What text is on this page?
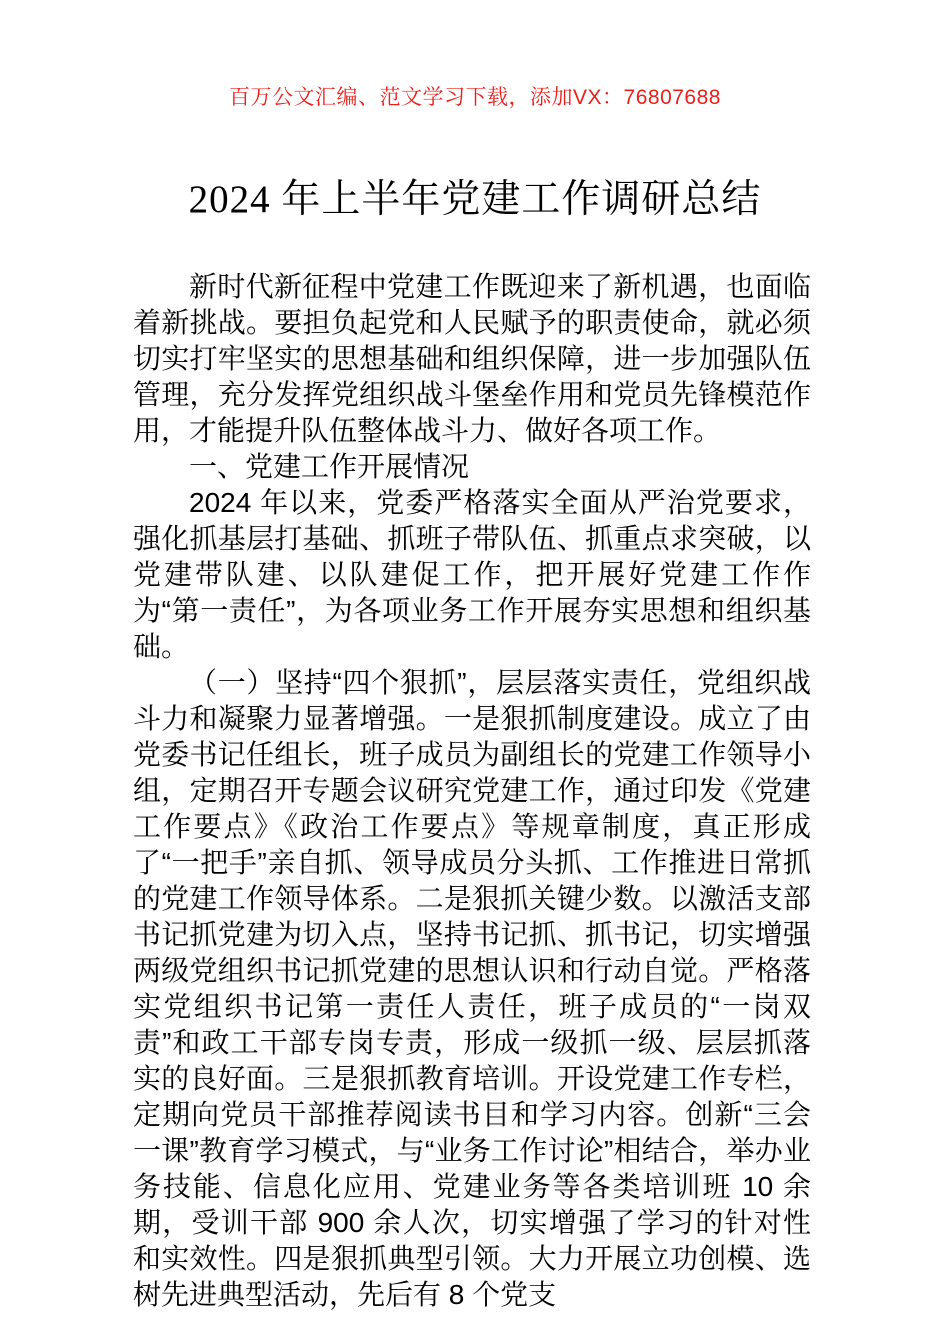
百万公文汇编、范文学习下载，添加VX：76807688
2024 年上半年党建工作调研总结

新时代新征程中党建工作既迎来了新机遇，也面临着新挑战。要担负起党和人民赋予的职责使命，就必须切实打牢坚实的思想基础和组织保障，进一步加强队伍管理，充分发挥党组织战斗堡垒作用和党员先锋模范作用，才能提升队伍整体战斗力、做好各项工作。

一、党建工作开展情况

2024 年以来，党委严格落实全面从严治党要求，强化抓基层打基础、抓班子带队伍、抓重点求突破，以党建带队建、以队建促工作，把开展好党建工作作为“第一责任”，为各项业务工作开展夯实思想和组织基础。

（一）坚持“四个狠抓”，层层落实责任，党组织战斗力和凝聚力显著增强。一是狠抓制度建设。成立了由党委书记任组长，班子成员为副组长的党建工作领导小组，定期召开专题会议研究党建工作，通过印发《党建工作要点》《政治工作要点》等规章制度，真正形成了“一把手”亲自抓、领导成员分头抓、工作推进日常抓的党建工作领导体系。二是狠抓关键少数。以激活支部书记抓党建为切入点，坚持书记抓、抓书记，切实增强两级党组织书记抓党建的思想认识和行动自觉。严格落实党组织书记第一责任人责任，班子成员的“一岗双责”和政工干部专岗专责，形成一级抓一级、层层抓落实的良好面。三是狠抓教育培训。开设党建工作专栏，定期向党员干部推荐阅读书目和学习内容。创新“三会一课”教育学习模式，与“业务工作讨论”相结合，举办业务技能、信息化应用、党建业务等各类培训班 10 余期，受训干部 900 余人次，切实增强了学习的针对性和实效性。四是狠抓典型引领。大力开展立功创模、选树先进典型活动，先后有 8 个党支
